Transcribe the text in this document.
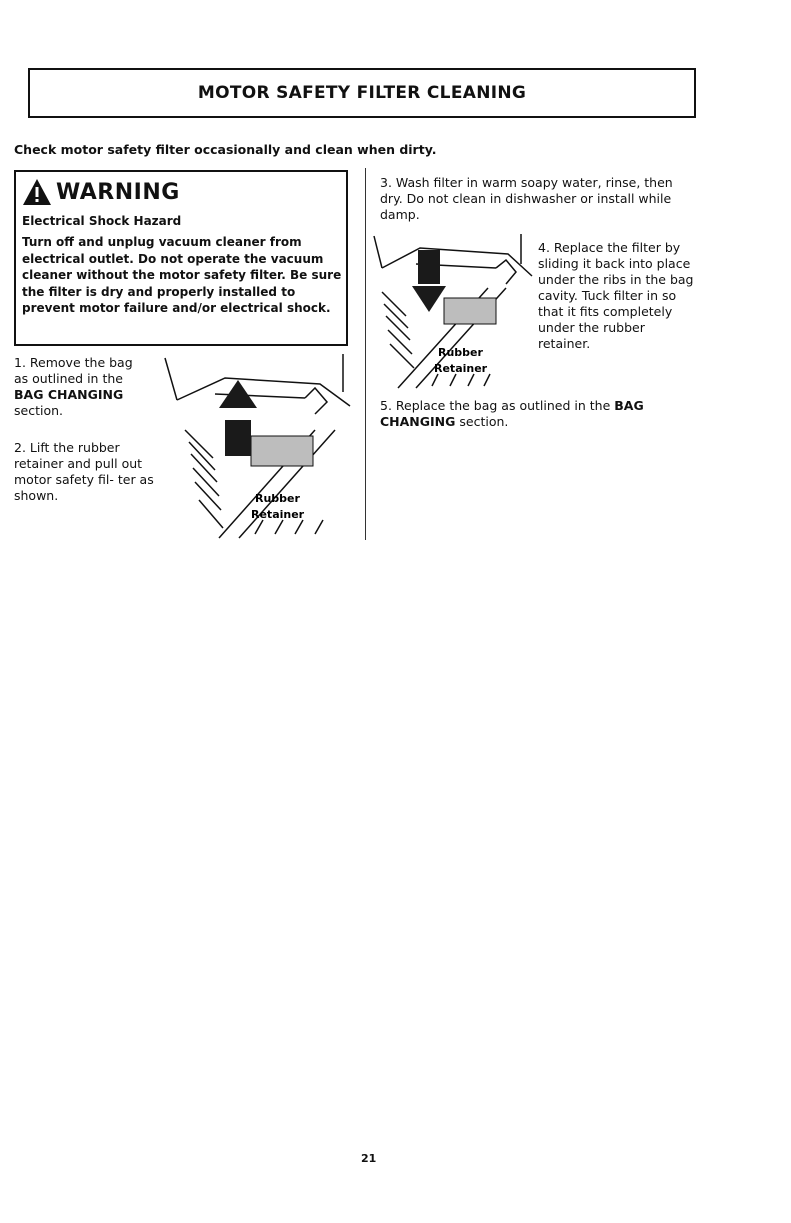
MOTOR SAFETY FILTER CLEANING

Check motor safety filter occasionally and clean when dirty.

WARNING

Electrical Shock Hazard

Turn off and unplug vacuum cleaner from electrical outlet. Do not operate the vacuum cleaner without the motor safety filter. Be sure the filter is dry and properly installed to prevent motor failure and/or electrical shock.

1. Remove the bag as outlined in the BAG CHANGING section.

2. Lift the rubber retainer and pull out motor safety fil- ter as shown.	Rubber
Retainer

3. Wash filter in warm soapy water, rinse, then dry. Do not clean in dishwasher or install while damp.

Rubber
Retainer

4. Replace the filter by sliding it back into place under the ribs in the bag cavity. Tuck filter in so that it fits completely under the rubber retainer.

5. Replace the bag as outlined in the BAG CHANGING section.

21
